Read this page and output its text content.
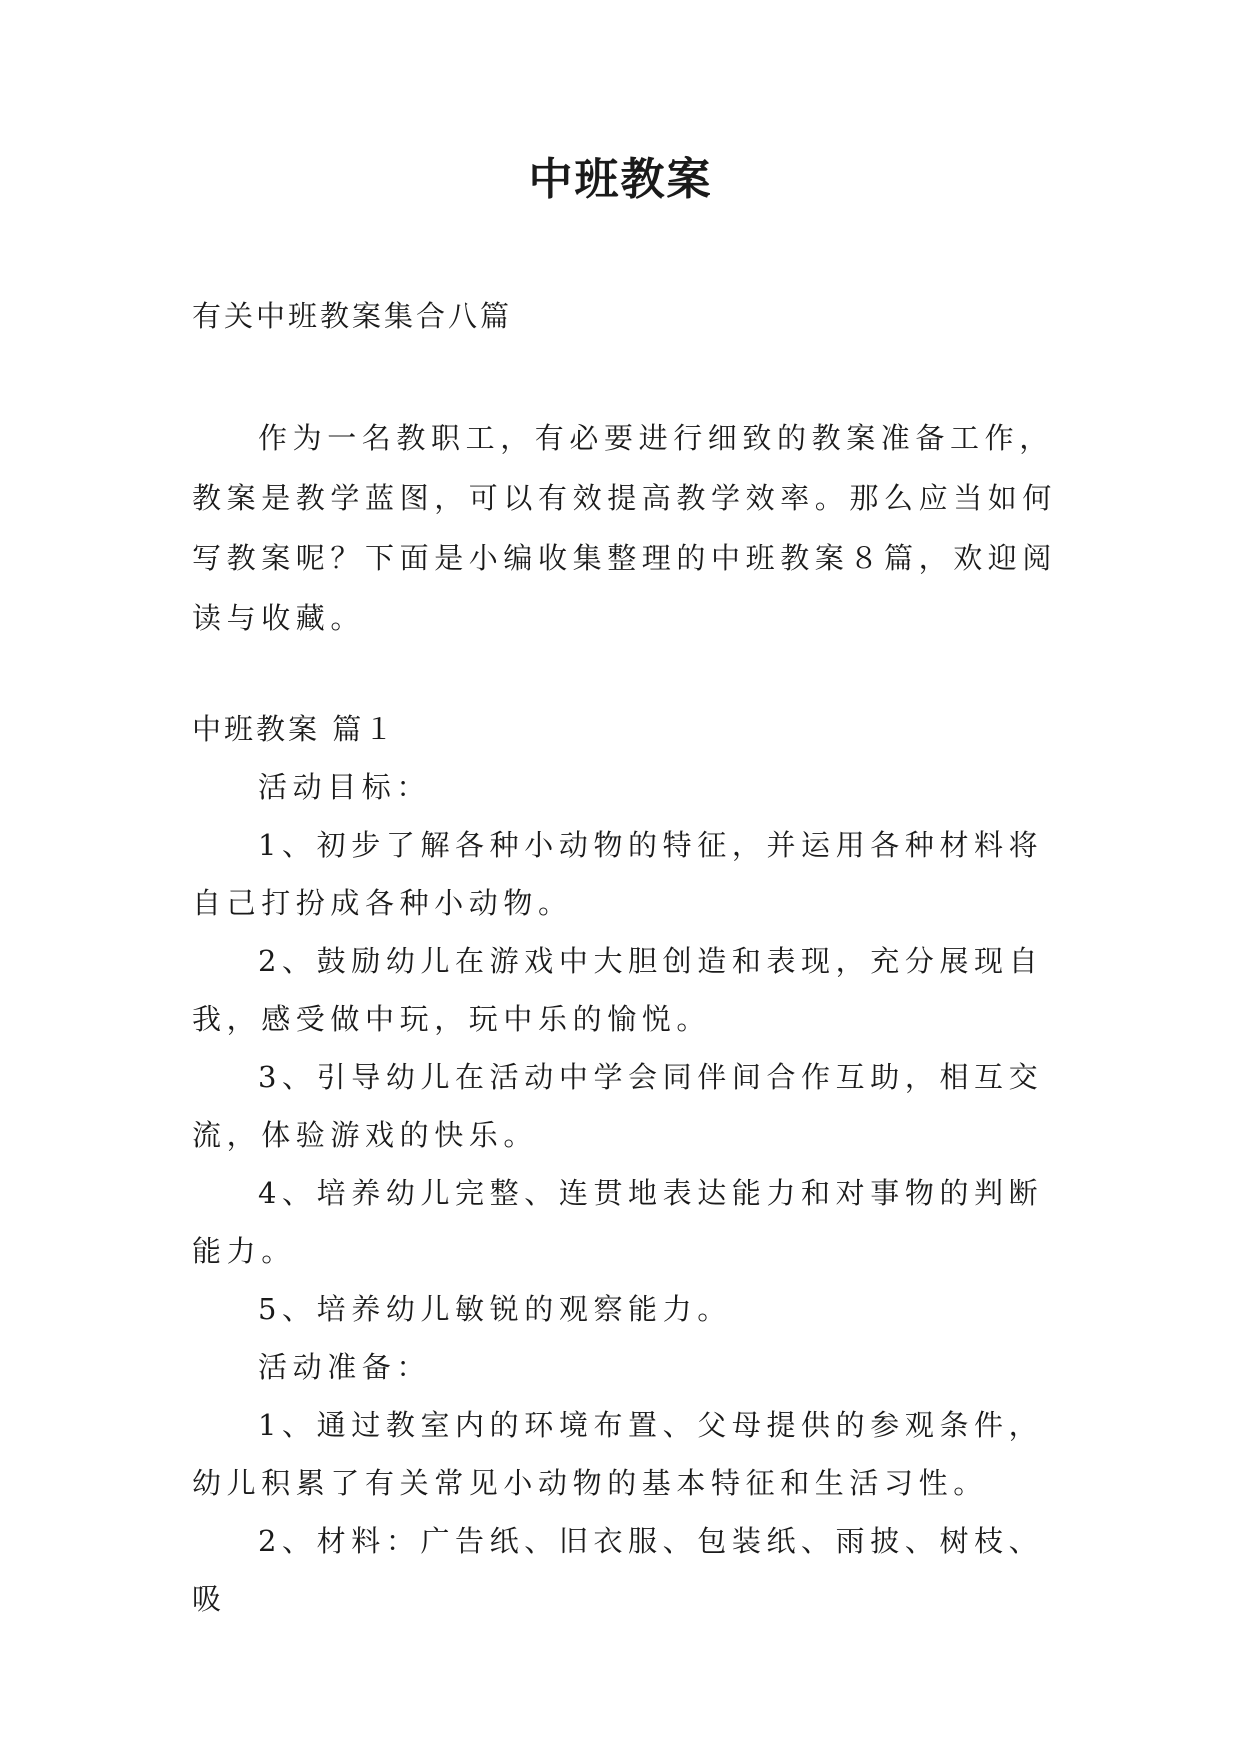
中班教案
有关中班教案集合八篇

作为一名教职工，有必要进行细致的教案准备工作，教案是教学蓝图，可以有效提高教学效率。那么应当如何写教案呢？下面是小编收集整理的中班教案８篇，欢迎阅读与收藏。

中班教案 篇１

活动目标：

1、初步了解各种小动物的特征，并运用各种材料将自己打扮成各种小动物。

2、鼓励幼儿在游戏中大胆创造和表现，充分展现自我，感受做中玩，玩中乐的愉悦。

3、引导幼儿在活动中学会同伴间合作互助，相互交流，体验游戏的快乐。

4、培养幼儿完整、连贯地表达能力和对事物的判断能力。

5、培养幼儿敏锐的观察能力。

活动准备：

1、通过教室内的环境布置、父母提供的参观条件，幼儿积累了有关常见小动物的基本特征和生活习性。

2、材料：广告纸、旧衣服、包装纸、雨披、树枝、吸
